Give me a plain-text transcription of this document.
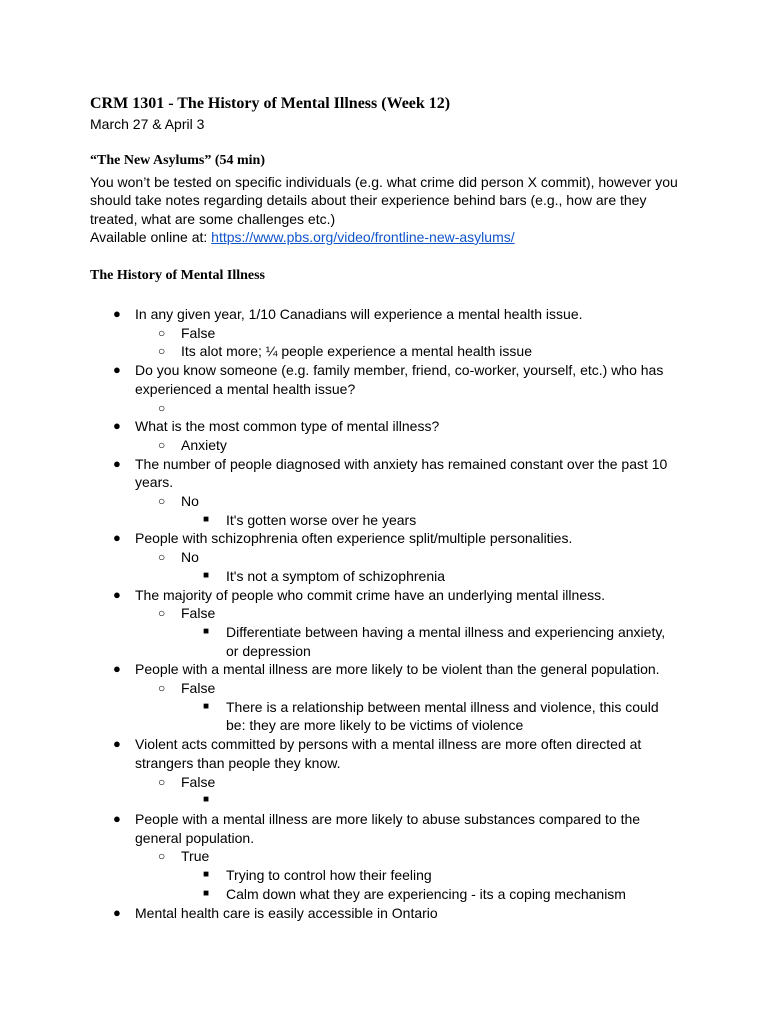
CRM 1301 - The History of Mental Illness (Week 12)
March 27 & April 3
“The New Asylums” (54 min)

You won’t be tested on specific individuals (e.g. what crime did person X commit), however you should take notes regarding details about their experience behind bars (e.g., how are they treated, what are some challenges etc.)

Available online at: https://www.pbs.org/video/frontline-new-asylums/

The History of Mental Illness
● In any given year, 1/10 Canadians will experience a mental health issue.
○ False
○ Its alot more; ¼ people experience a mental health issue
● Do you know someone (e.g. family member, friend, co-worker, yourself, etc.) who has experienced a mental health issue?
○

● What is the most common type of mental illness?
○ Anxiety
● The number of people diagnosed with anxiety has remained constant over the past 10 years.
○ No
■ It's gotten worse over he years
● People with schizophrenia often experience split/multiple personalities.
○ No
■ It's not a symptom of schizophrenia
● The majority of people who commit crime have an underlying mental illness.
○ False
■ Differentiate between having a mental illness and experiencing anxiety, or depression
● People with a mental illness are more likely to be violent than the general population.
○ False
■ There is a relationship between mental illness and violence, this could be: they are more likely to be victims of violence
● Violent acts committed by persons with a mental illness are more often directed at strangers than people they know.
○ False
■

● People with a mental illness are more likely to abuse substances compared to the general population.
○ True
■ Trying to control how their feeling
■ Calm down what they are experiencing - its a coping mechanism
● Mental health care is easily accessible in Ontario
